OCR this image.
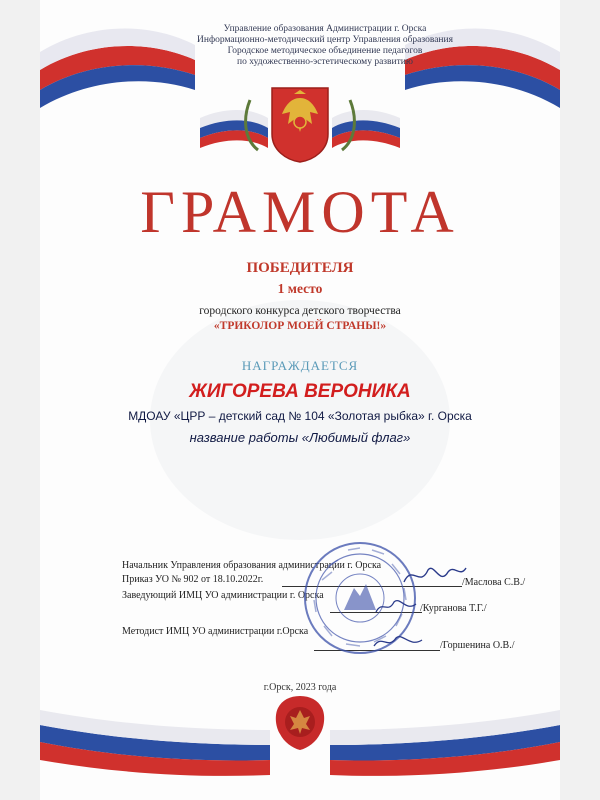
Управление образования Администрации г. Орска
Информационно-методический центр Управления образования
Городское методическое объединение педагогов
по художественно-эстетическому развитию
ГРАМОТА
ПОБЕДИТЕЛЯ
1 место
городского конкурса детского творчества
«ТРИКОЛОР МОЕЙ СТРАНЫ!»
НАГРАЖДАЕТСЯ
ЖИГОРЕВА ВЕРОНИКА
МДОАУ «ЦРР – детский сад № 104 «Золотая рыбка» г. Орска
название работы «Любимый флаг»
Начальник Управления образования администрации г. Орска
Приказ УО № 902 от 18.10.2022г.	/Маслова С.В./
Заведующий ИМЦ УО администрации г. Орска
/Курганова Т.Г./
Методист ИМЦ УО администрации г.Орска
/Горшенина О.В./
г.Орск, 2023 года
